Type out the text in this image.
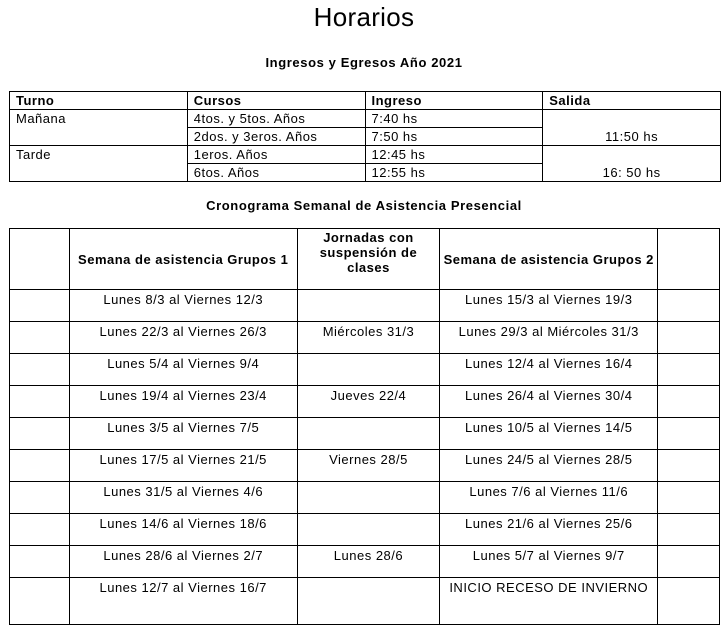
Horarios
Ingresos y Egresos Año 2021
Turno	Cursos	Ingreso	Salida
Mañana	4tos. y 5tos. Años	7:40 hs	11:50 hs
	2dos. y 3eros. Años	7:50 hs	
Tarde	1eros. Años	12:45 hs	16: 50 hs
	6tos. Años	12:55 hs	
Cronograma Semanal de Asistencia Presencial
	Semana de asistencia Grupos 1	Jornadas con suspensión de clases	Semana de asistencia Grupos 2	
	Lunes 8/3 al Viernes 12/3		Lunes 15/3 al Viernes 19/3	
	Lunes 22/3 al Viernes 26/3	Miércoles 31/3	Lunes 29/3 al Miércoles 31/3	
	Lunes 5/4 al Viernes 9/4		Lunes 12/4 al Viernes 16/4	
	Lunes 19/4 al Viernes 23/4	Jueves 22/4	Lunes 26/4 al Viernes 30/4	
	Lunes 3/5 al Viernes 7/5		Lunes 10/5 al Viernes 14/5	
	Lunes 17/5 al Viernes 21/5	Viernes 28/5	Lunes 24/5 al Viernes 28/5	
	Lunes 31/5 al Viernes 4/6		Lunes 7/6 al Viernes 11/6	
	Lunes 14/6 al Viernes 18/6		Lunes 21/6 al Viernes 25/6	
	Lunes 28/6 al Viernes 2/7	Lunes 28/6	Lunes 5/7 al Viernes 9/7	
	Lunes 12/7 al Viernes 16/7		INICIO RECESO DE INVIERNO	
